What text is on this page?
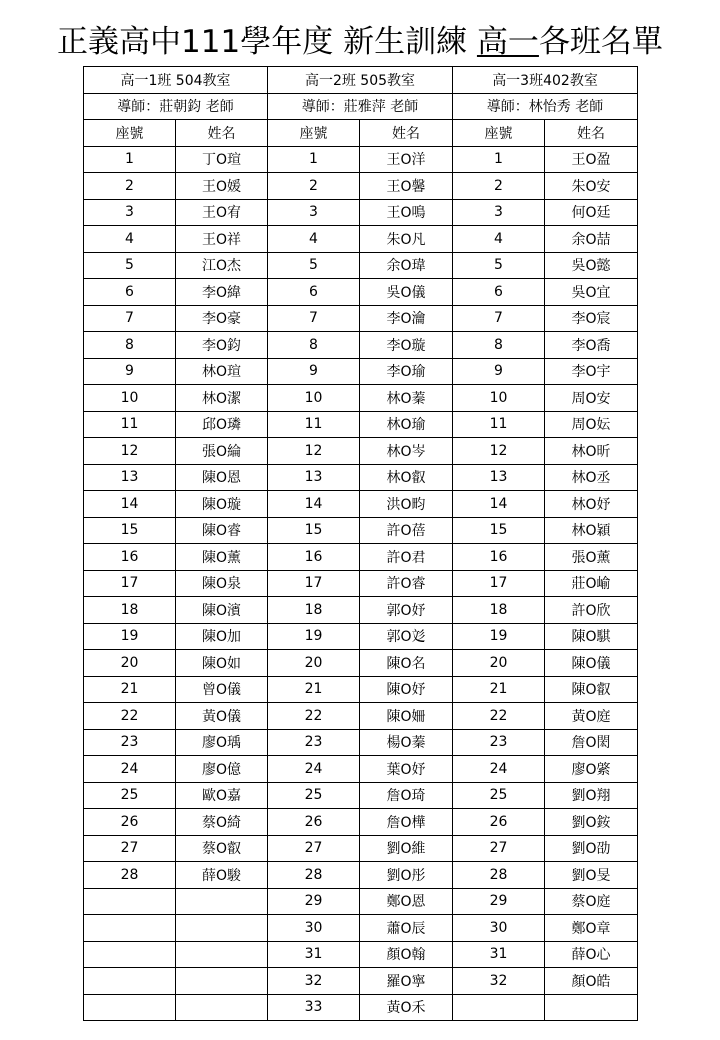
正義高中111學年度 新生訓練 高一各班名單
高一1班 504教室		高一2班 505教室		高一3班402教室	
導師：莊朝鈞 老師		導師：莊雅萍 老師		導師：林怡秀 老師	
座號	姓名	座號	姓名	座號	姓名
1	丁O瑄	1	王O洋	1	王O盈
2	王O媛	2	王O馨	2	朱O安
3	王O宥	3	王O鳴	3	何O廷
4	王O祥	4	朱O凡	4	余O喆
5	江O杰	5	余O瑋	5	吳O懿
6	李O緯	6	吳O儀	6	吳O宜
7	李O豪	7	李O瀹	7	李O宸
8	李O鈞	8	李O璇	8	李O喬
9	林O瑄	9	李O瑜	9	李O宇
10	林O潔	10	林O蓁	10	周O安
11	邱O璘	11	林O瑜	11	周O妘
12	張O綸	12	林O岑	12	林O昕
13	陳O恩	13	林O叡	13	林O丞
14	陳O璇	14	洪O畇	14	林O妤
15	陳O睿	15	許O蓓	15	林O穎
16	陳O薰	16	許O君	16	張O薰
17	陳O泉	17	許O睿	17	莊O崳
18	陳O濱	18	郭O妤	18	許O欣
19	陳O加	19	郭O彣	19	陳O騏
20	陳O如	20	陳O名	20	陳O儀
21	曾O儀	21	陳O妤	21	陳O叡
22	黃O儀	22	陳O姍	22	黃O庭
23	廖O瑀	23	楊O蓁	23	詹O閎
24	廖O億	24	葉O妤	24	廖O綮
25	歐O嘉	25	詹O琦	25	劉O翔
26	蔡O綺	26	詹O樺	26	劉O銨
27	蔡O叡	27	劉O維	27	劉O劭
28	薛O駿	28	劉O彤	28	劉O旻
		29	鄭O恩	29	蔡O庭
		30	蕭O辰	30	鄭O章
		31	顏O翰	31	薛O心
		32	羅O寧	32	顏O皓
		33	黃O禾		
